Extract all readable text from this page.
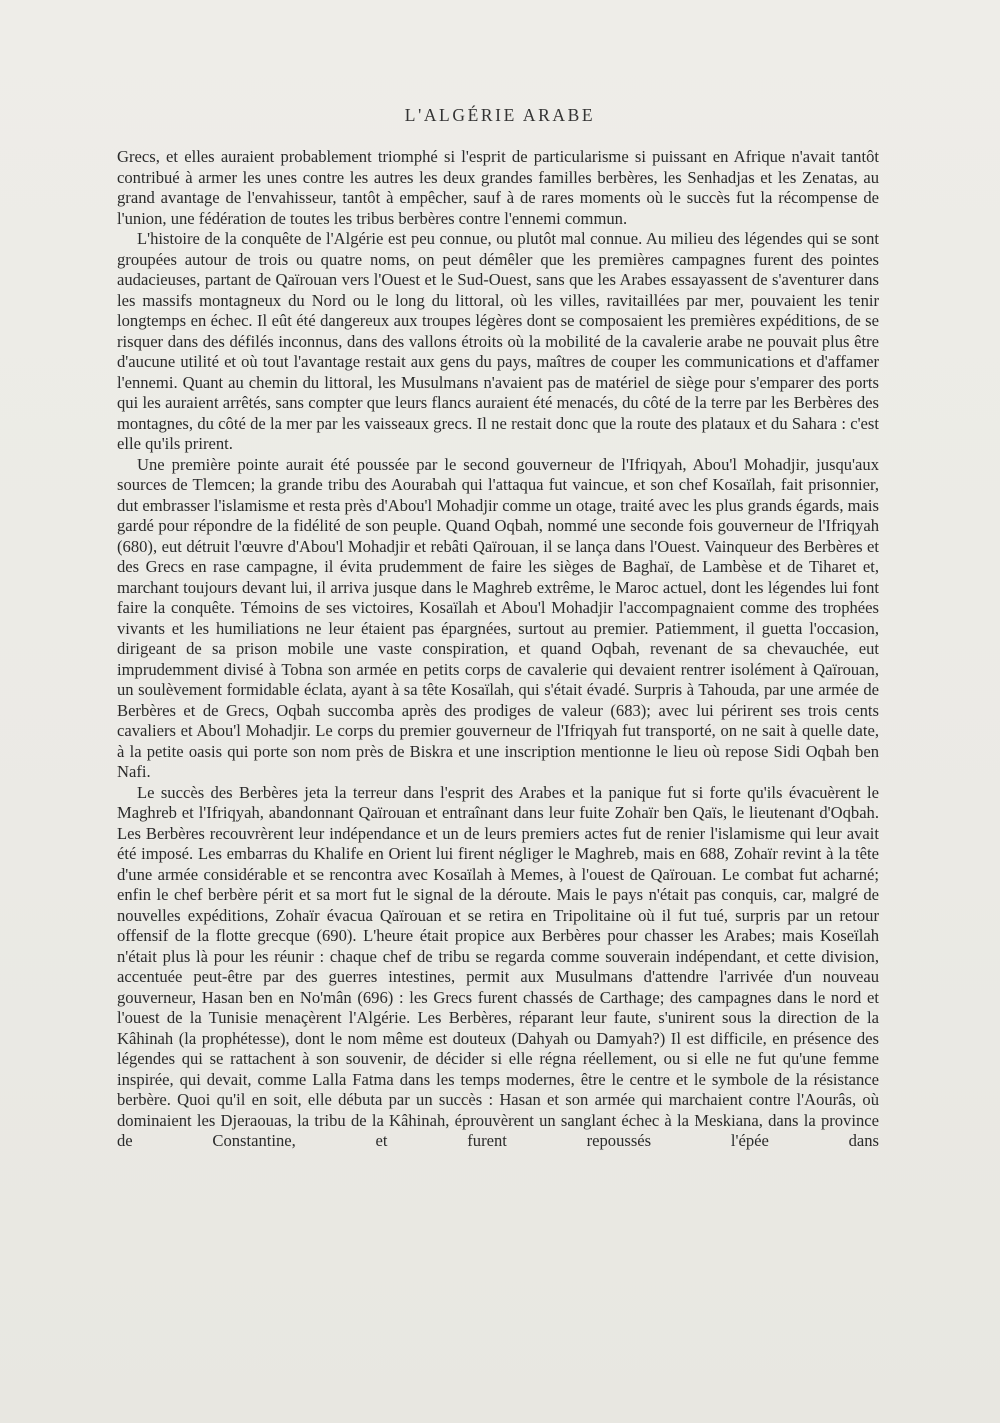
L'ALGÉRIE ARABE

Grecs, et elles auraient probablement triomphé si l'esprit de particularisme si puissant en Afrique n'avait tantôt contribué à armer les unes contre les autres les deux grandes familles berbères, les Senhadjas et les Zenatas, au grand avantage de l'envahisseur, tantôt à empêcher, sauf à de rares moments où le succès fut la récompense de l'union, une fédération de toutes les tribus berbères contre l'ennemi commun.

L'histoire de la conquête de l'Algérie est peu connue, ou plutôt mal connue. Au milieu des légendes qui se sont groupées autour de trois ou quatre noms, on peut démêler que les premières campagnes furent des pointes audacieuses, partant de Qaïrouan vers l'Ouest et le Sud-Ouest, sans que les Arabes essayassent de s'aventurer dans les massifs montagneux du Nord ou le long du littoral, où les villes, ravitaillées par mer, pouvaient les tenir longtemps en échec. Il eût été dangereux aux troupes légères dont se composaient les premières expéditions, de se risquer dans des défilés inconnus, dans des vallons étroits où la mobilité de la cavalerie arabe ne pouvait plus être d'aucune utilité et où tout l'avantage restait aux gens du pays, maîtres de couper les communications et d'affamer l'ennemi. Quant au chemin du littoral, les Musulmans n'avaient pas de matériel de siège pour s'emparer des ports qui les auraient arrêtés, sans compter que leurs flancs auraient été menacés, du côté de la terre par les Berbères des montagnes, du côté de la mer par les vaisseaux grecs. Il ne restait donc que la route des plataux et du Sahara : c'est elle qu'ils prirent.

Une première pointe aurait été poussée par le second gouverneur de l'Ifriqyah, Abou'l Mohadjir, jusqu'aux sources de Tlemcen; la grande tribu des Aourabah qui l'attaqua fut vaincue, et son chef Kosaïlah, fait prisonnier, dut embrasser l'islamisme et resta près d'Abou'l Mohadjir comme un otage, traité avec les plus grands égards, mais gardé pour répondre de la fidélité de son peuple. Quand Oqbah, nommé une seconde fois gouverneur de l'Ifriqyah (680), eut détruit l'œuvre d'Abou'l Mohadjir et rebâti Qaïrouan, il se lança dans l'Ouest. Vainqueur des Berbères et des Grecs en rase campagne, il évita prudemment de faire les sièges de Baghaï, de Lambèse et de Tiharet et, marchant toujours devant lui, il arriva jusque dans le Maghreb extrême, le Maroc actuel, dont les légendes lui font faire la conquête. Témoins de ses victoires, Kosaïlah et Abou'l Mohadjir l'accompagnaient comme des trophées vivants et les humiliations ne leur étaient pas épargnées, surtout au premier. Patiemment, il guetta l'occasion, dirigeant de sa prison mobile une vaste conspiration, et quand Oqbah, revenant de sa chevauchée, eut imprudemment divisé à Tobna son armée en petits corps de cavalerie qui devaient rentrer isolément à Qaïrouan, un soulèvement formidable éclata, ayant à sa tête Kosaïlah, qui s'était évadé. Surpris à Tahouda, par une armée de Berbères et de Grecs, Oqbah succomba après des prodiges de valeur (683); avec lui périrent ses trois cents cavaliers et Abou'l Mohadjir. Le corps du premier gouverneur de l'Ifriqyah fut transporté, on ne sait à quelle date, à la petite oasis qui porte son nom près de Biskra et une inscription mentionne le lieu où repose Sidi Oqbah ben Nafi.

Le succès des Berbères jeta la terreur dans l'esprit des Arabes et la panique fut si forte qu'ils évacuèrent le Maghreb et l'Ifriqyah, abandonnant Qaïrouan et entraînant dans leur fuite Zohaïr ben Qaïs, le lieutenant d'Oqbah. Les Berbères recouvrèrent leur indépendance et un de leurs premiers actes fut de renier l'islamisme qui leur avait été imposé. Les embarras du Khalife en Orient lui firent négliger le Maghreb, mais en 688, Zohaïr revint à la tête d'une armée considérable et se rencontra avec Kosaïlah à Memes, à l'ouest de Qaïrouan. Le combat fut acharné; enfin le chef berbère périt et sa mort fut le signal de la déroute. Mais le pays n'était pas conquis, car, malgré de nouvelles expéditions, Zohaïr évacua Qaïrouan et se retira en Tripolitaine où il fut tué, surpris par un retour offensif de la flotte grecque (690). L'heure était propice aux Berbères pour chasser les Arabes; mais Koseïlah n'était plus là pour les réunir : chaque chef de tribu se regarda comme souverain indépendant, et cette division, accentuée peut-être par des guerres intestines, permit aux Musulmans d'attendre l'arrivée d'un nouveau gouverneur, Hasan ben en No'mân (696) : les Grecs furent chassés de Carthage; des campagnes dans le nord et l'ouest de la Tunisie menaçèrent l'Algérie. Les Berbères, réparant leur faute, s'unirent sous la direction de la Kâhinah (la prophétesse), dont le nom même est douteux (Dahyah ou Damyah?) Il est difficile, en présence des légendes qui se rattachent à son souvenir, de décider si elle régna réellement, ou si elle ne fut qu'une femme inspirée, qui devait, comme Lalla Fatma dans les temps modernes, être le centre et le symbole de la résistance berbère. Quoi qu'il en soit, elle débuta par un succès : Hasan et son armée qui marchaient contre l'Aourâs, où dominaient les Djeraouas, la tribu de la Kâhinah, éprouvèrent un sanglant échec à la Meskiana, dans la province de Constantine, et furent repoussés l'épée dans
